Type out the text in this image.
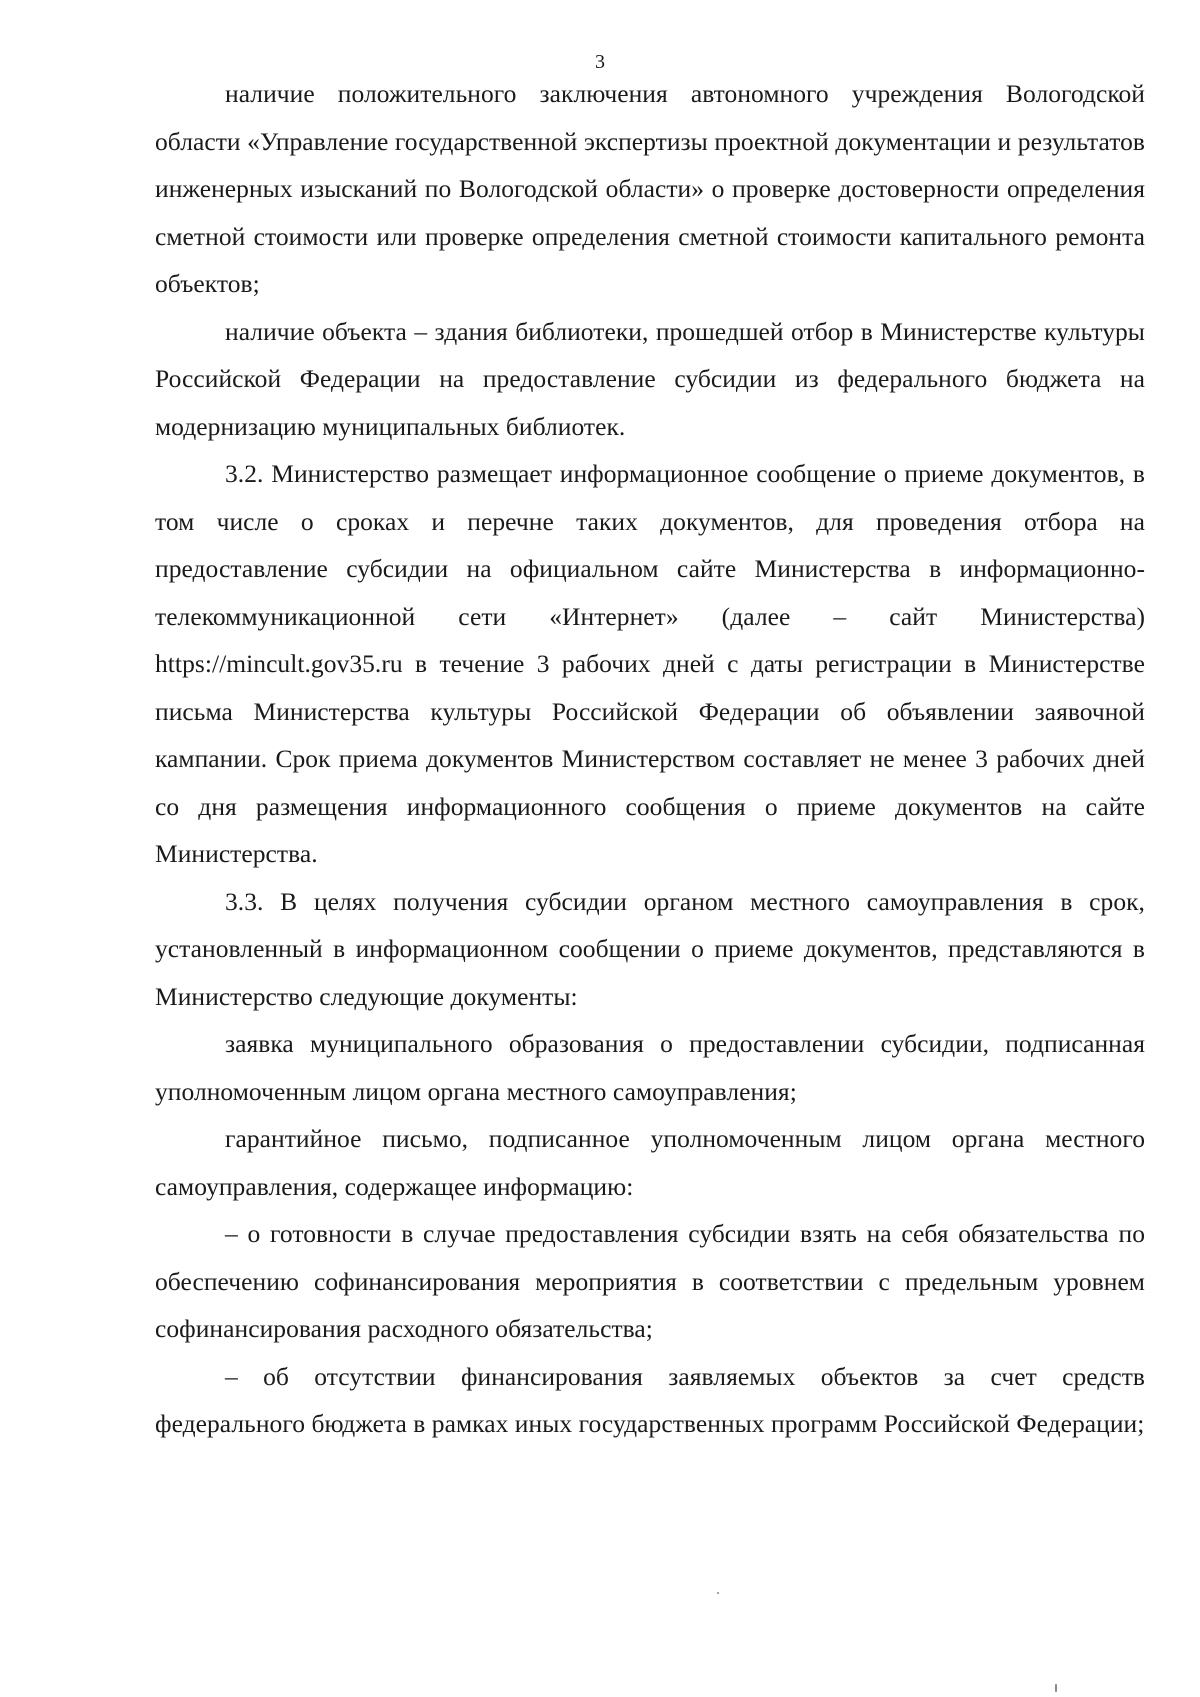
3

наличие положительного заключения автономного учреждения Вологодской области «Управление государственной экспертизы проектной документации и результатов инженерных изысканий по Вологодской области» о проверке достоверности определения сметной стоимости или проверке определения сметной стоимости капитального ремонта объектов;

наличие объекта – здания библиотеки, прошедшей отбор в Министерстве культуры Российской Федерации на предоставление субсидии из федерального бюджета на модернизацию муниципальных библиотек.

3.2. Министерство размещает информационное сообщение о приеме документов, в том числе о сроках и перечне таких документов, для проведения отбора на предоставление субсидии на официальном сайте Министерства в информационно-телекоммуникационной сети «Интернет» (далее – сайт Министерства) https://mincult.gov35.ru в течение 3 рабочих дней с даты регистрации в Министерстве письма Министерства культуры Российской Федерации об объявлении заявочной кампании. Срок приема документов Министерством составляет не менее 3 рабочих дней со дня размещения информационного сообщения о приеме документов на сайте Министерства.

3.3. В целях получения субсидии органом местного самоуправления в срок, установленный в информационном сообщении о приеме документов, представляются в Министерство следующие документы:

заявка муниципального образования о предоставлении субсидии, подписанная уполномоченным лицом органа местного самоуправления;

гарантийное письмо, подписанное уполномоченным лицом органа местного самоуправления, содержащее информацию:

– о готовности в случае предоставления субсидии взять на себя обязательства по обеспечению софинансирования мероприятия в соответствии с предельным уровнем софинансирования расходного обязательства;

– об отсутствии финансирования заявляемых объектов за счет средств федерального бюджета в рамках иных государственных программ Российской Федерации;
